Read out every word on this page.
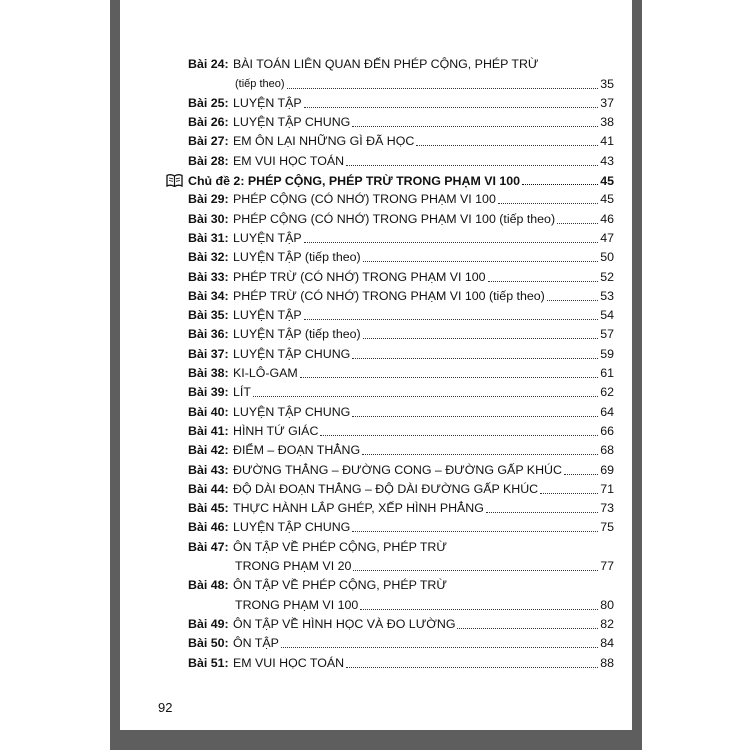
Bài 24: BÀI TOÁN LIÊN QUAN ĐẾN PHÉP CỘNG, PHÉP TRỪ
(tiếp theo)	35
Bài 25: LUYỆN TẬP	37
Bài 26: LUYỆN TẬP CHUNG	38
Bài 27: EM ÔN LẠI NHỮNG GÌ ĐÃ HỌC	41
Bài 28: EM VUI HỌC TOÁN	43
Chủ đề 2: PHÉP CỘNG, PHÉP TRỪ TRONG PHẠM VI 100	45
Bài 29: PHÉP CỘNG (CÓ NHỚ) TRONG PHẠM VI 100	45
Bài 30: PHÉP CỘNG (CÓ NHỚ) TRONG PHẠM VI 100 (tiếp theo)	46
Bài 31: LUYỆN TẬP	47
Bài 32: LUYỆN TẬP (tiếp theo)	50
Bài 33: PHÉP TRỪ (CÓ NHỚ) TRONG PHẠM VI 100	52
Bài 34: PHÉP TRỪ (CÓ NHỚ) TRONG PHẠM VI 100 (tiếp theo)	53
Bài 35: LUYỆN TẬP	54
Bài 36: LUYỆN TẬP (tiếp theo)	57
Bài 37: LUYỆN TẬP CHUNG	59
Bài 38: KI-LÔ-GAM	61
Bài 39: LÍT	62
Bài 40: LUYỆN TẬP CHUNG	64
Bài 41: HÌNH TỨ GIÁC	66
Bài 42: ĐIỂM – ĐOẠN THẲNG	68
Bài 43: ĐƯỜNG THẲNG – ĐƯỜNG CONG – ĐƯỜNG GẤP KHÚC	69
Bài 44: ĐỘ DÀI ĐOẠN THẲNG – ĐỘ DÀI ĐƯỜNG GẤP KHÚC	71
Bài 45: THỰC HÀNH LẮP GHÉP, XẾP HÌNH PHẲNG	73
Bài 46: LUYỆN TẬP CHUNG	75
Bài 47: ÔN TẬP VỀ PHÉP CỘNG, PHÉP TRỪ
TRONG PHẠM VI 20	77
Bài 48: ÔN TẬP VỀ PHÉP CỘNG, PHÉP TRỪ
TRONG PHẠM VI 100	80
Bài 49: ÔN TẬP VỀ HÌNH HỌC VÀ ĐO LƯỜNG	82
Bài 50: ÔN TẬP	84
Bài 51: EM VUI HỌC TOÁN	88
92
